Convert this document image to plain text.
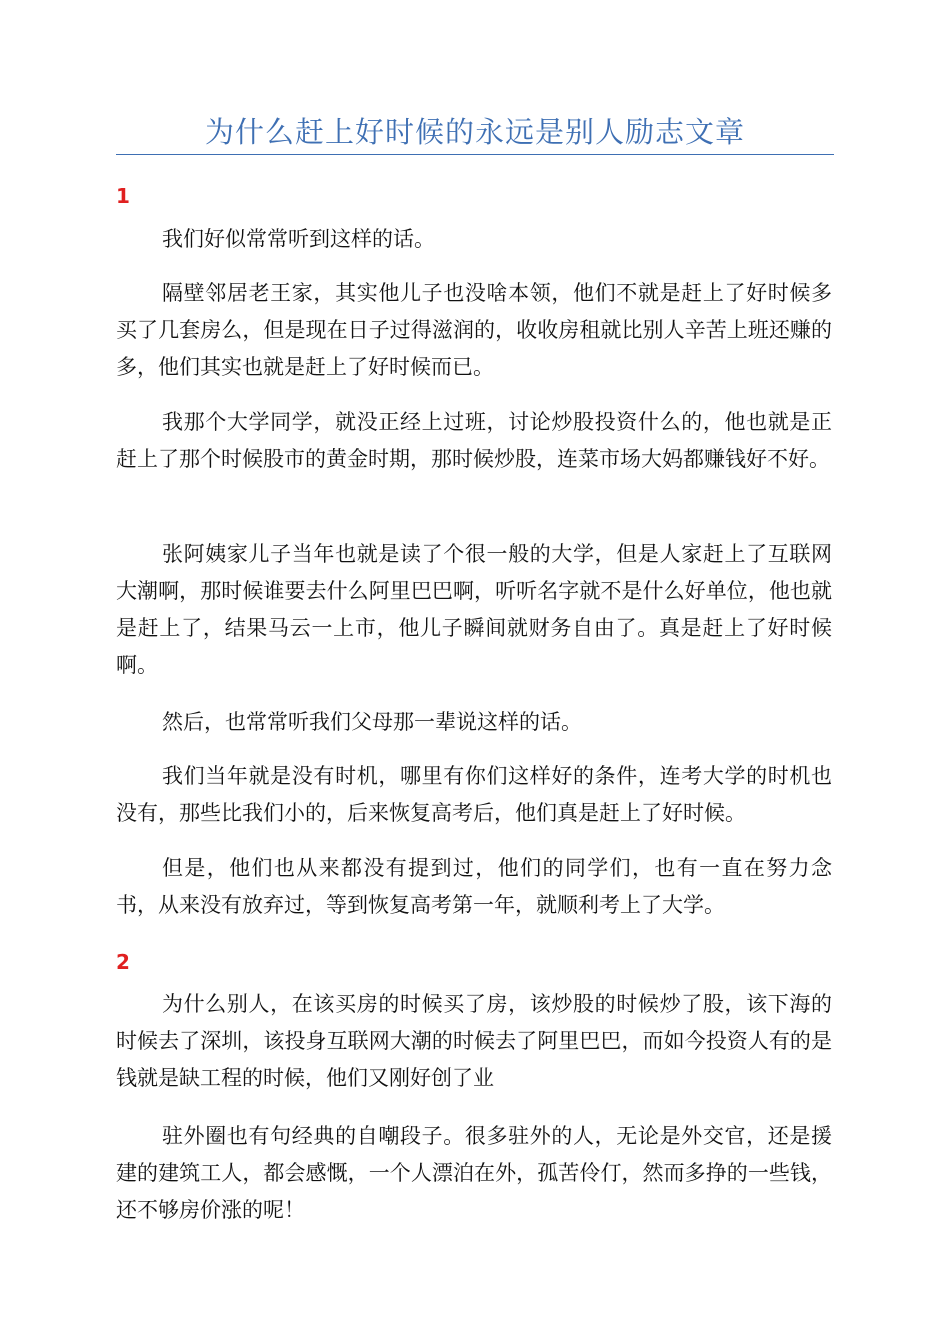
为什么赶上好时候的永远是别人励志文章
1

我们好似常常听到这样的话。

隔壁邻居老王家，其实他儿子也没啥本领，他们不就是赶上了好时候多买了几套房么，但是现在日子过得滋润的，收收房租就比别人辛苦上班还赚的多，他们其实也就是赶上了好时候而已。

我那个大学同学，就没正经上过班，讨论炒股投资什么的，他也就是正赶上了那个时候股市的黄金时期，那时候炒股，连菜市场大妈都赚钱好不好。

张阿姨家儿子当年也就是读了个很一般的大学，但是人家赶上了互联网大潮啊，那时候谁要去什么阿里巴巴啊，听听名字就不是什么好单位，他也就是赶上了，结果马云一上市，他儿子瞬间就财务自由了。真是赶上了好时候啊。

然后，也常常听我们父母那一辈说这样的话。

我们当年就是没有时机，哪里有你们这样好的条件，连考大学的时机也没有，那些比我们小的，后来恢复高考后，他们真是赶上了好时候。

但是，他们也从来都没有提到过，他们的同学们，也有一直在努力念书，从来没有放弃过，等到恢复高考第一年，就顺利考上了大学。

2

为什么别人，在该买房的时候买了房，该炒股的时候炒了股，该下海的时候去了深圳，该投身互联网大潮的时候去了阿里巴巴，而如今投资人有的是钱就是缺工程的时候，他们又刚好创了业

驻外圈也有句经典的自嘲段子。很多驻外的人，无论是外交官，还是援建的建筑工人，都会感慨，一个人漂泊在外，孤苦伶仃，然而多挣的一些钱，还不够房价涨的呢！
